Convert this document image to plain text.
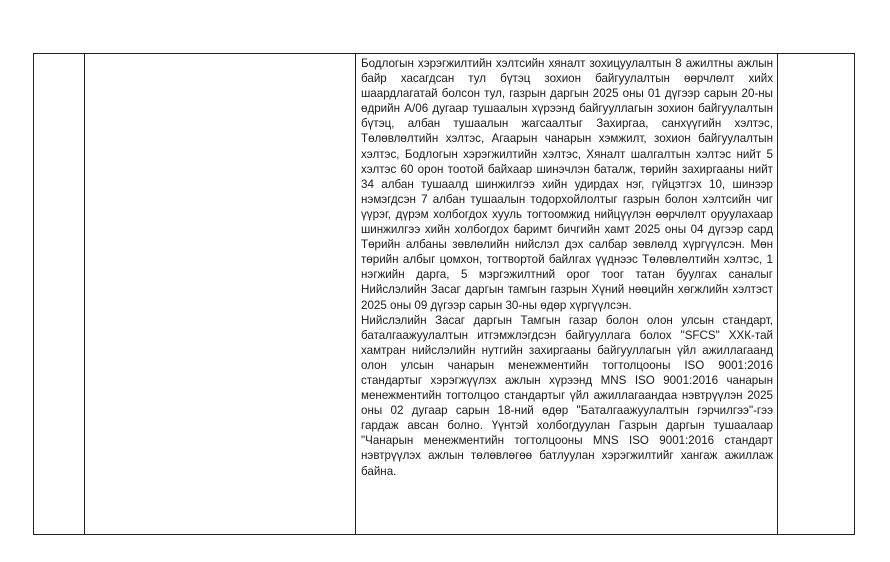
Бодлогын хэрэгжилтийн хэлтсийн хяналт зохицуулалтын 8 ажилтны ажлын байр хасагдсан тул бүтэц зохион байгуулалтын өөрчлөлт хийх шаардлагатай болсон тул, газрын даргын 2025 оны 01 дүгээр сарын 20-ны өдрийн А/06 дугаар тушаалын хүрээнд байгууллагын зохион байгуулалтын бүтэц, албан тушаалын жагсаалтыг Захиргаа, санхүүгийн хэлтэс, Төлөвлөлтийн хэлтэс, Агаарын чанарын хэмжилт, зохион байгуулалтын хэлтэс, Бодлогын хэрэгжилтийн хэлтэс, Хяналт шалгалтын хэлтэс нийт 5 хэлтэс 60 орон тоотой байхаар шинэчлэн баталж, төрийн захиргааны нийт 34 албан тушаалд шинжилгээ хийн удирдах нэг, гүйцэтгэх 10, шинээр нэмэгдсэн 7 албан тушаалын тодорхойлолтыг газрын болон хэлтсийн чиг үүрэг, дүрэм холбогдох хууль тогтоомжид нийцүүлэн өөрчлөлт оруулахаар шинжилгээ хийн холбогдох баримт бичгийн хамт 2025 оны 04 дүгээр сард Төрийн албаны зөвлөлийн нийслэл дэх салбар зөвлөлд хүргүүлсэн. Мөн төрийн албыг цомхон, тогтвортой байлгах үүднээс Төлөвлөлтийн хэлтэс, 1 нэгжийн дарга, 5 мэргэжилтний орог тоог татан буулгах саналыг Нийслэлийн Засаг даргын тамгын газрын Хүний нөөцийн хөгжлийн хэлтэст 2025 оны 09 дүгээр сарын 30-ны өдөр хүргүүлсэн.

Нийслэлийн Засаг даргын Тамгын газар болон олон улсын стандарт, баталгаажуулалтын итгэмжлэгдсэн байгууллага болох "SFCS" ХХК-тай хамтран нийслэлийн нутгийн захиргааны байгууллагын үйл ажиллагаанд олон улсын чанарын менежментийн тогтолцооны ISO 9001:2016 стандартыг хэрэгжүүлэх ажлын хүрээнд MNS ISO 9001:2016 чанарын менежментийн тогтолцоо стандартыг үйл ажиллагаандаа нэвтрүүлэн 2025 оны 02 дугаар сарын 18-ний өдөр "Баталгаажуулалтын гэрчилгээ"-гээ гардаж авсан болно. Үүнтэй холбогдуулан Газрын даргын тушаалаар "Чанарын менежментийн тогтолцооны MNS ISO 9001:2016 стандарт нэвтрүүлэх ажлын төлөвлөгөө батлуулан хэрэгжилтийг хангаж ажиллаж байна.
